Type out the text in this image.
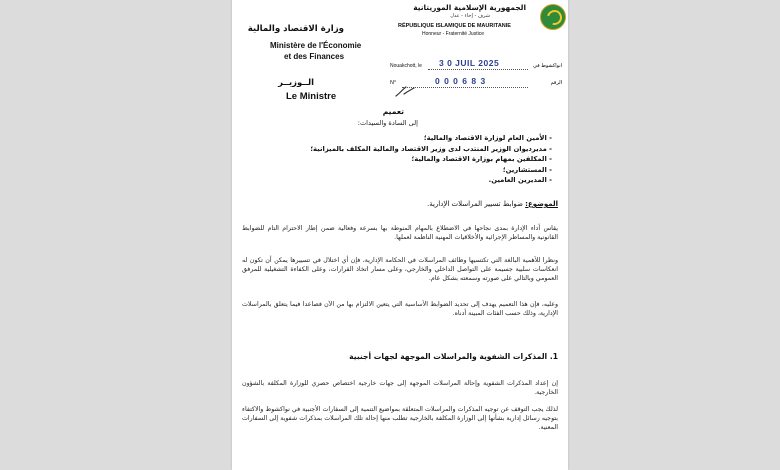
الجمهورية الإسلامية الموريتانية
شرف - إخاء - عدل
RÉPUBLIQUE ISLAMIQUE DE MAURITANIE
Honneur - Fraternité Justice
Nouakchott, le 3 0 JUIL 2025	انواكشوط في
N°	0 0 0 6 8 3	الرقم
وزارة الاقتصاد والمالية
Ministère de l'Économie
et des Finances
الــوزيــر
Le Ministre
تعميم
إلى السادة والسيدات:
- الأمين العام لوزارة الاقتصاد والمالية؛
- مديرديوان الوزير المنتدب لدى وزير الاقتصاد والمالية المكلف بالميزانية؛
- المكلفين بمهام بوزارة الاقتصاد والمالية؛
- المستشارين؛
- المديرين العامين.
الموضوع: ضوابط تسيير المراسلات الإدارية.
يقاس أداء الإدارة بمدى نجاحها في الاضطلاع بالمهام المنوطة بها بسرعة وفعالية ضمن إطار الاحترام التام للضوابط القانونية والمساطر الإجرائية والأخلاقيات المهنية الناظمة لعملها.
ونظرا للأهمية البالغة التي تكتسيها وظائف المراسلات في الحكامة الإدارية، فإن أي اختلال في تسييرها يمكن أن تكون له انعكاسات سلبية جسيمة على التواصل الداخلي والخارجي، وعلى مسار اتخاذ القرارات، وعلى الكفاءة التشغيلية للمرفق العمومي وبالتالي على صورته وسمعته بشكل عام.
وعليه، فإن هذا التعميم يهدف إلى تحديد الضوابط الأساسية التي يتعين الالتزام بها من الآن فصاعدا فيما يتعلق بالمراسلات الإدارية، وذلك حسب الفئات المبينة أدناه.
1. المذكرات الشفوية والمراسلات الموجهة لجهات أجنبية
إن إعداد المذكرات الشفوية وإحالة المراسلات الموجهة إلى جهات خارجية اختصاص حصري للوزارة المكلفة بالشؤون الخارجية.
لذلك يجب التوقف عن توجيه المذكرات والمراسلات المتعلقة بمواضيع التنمية إلى السفارات الأجنبية في نواكشوط والاكتفاء بتوجيه رسائل إدارية بشأنها إلى الوزارة المكلفة بالخارجية تطلب منها إحالة تلك المراسلات بمذكرات شفوية إلى السفارات المعنية.
